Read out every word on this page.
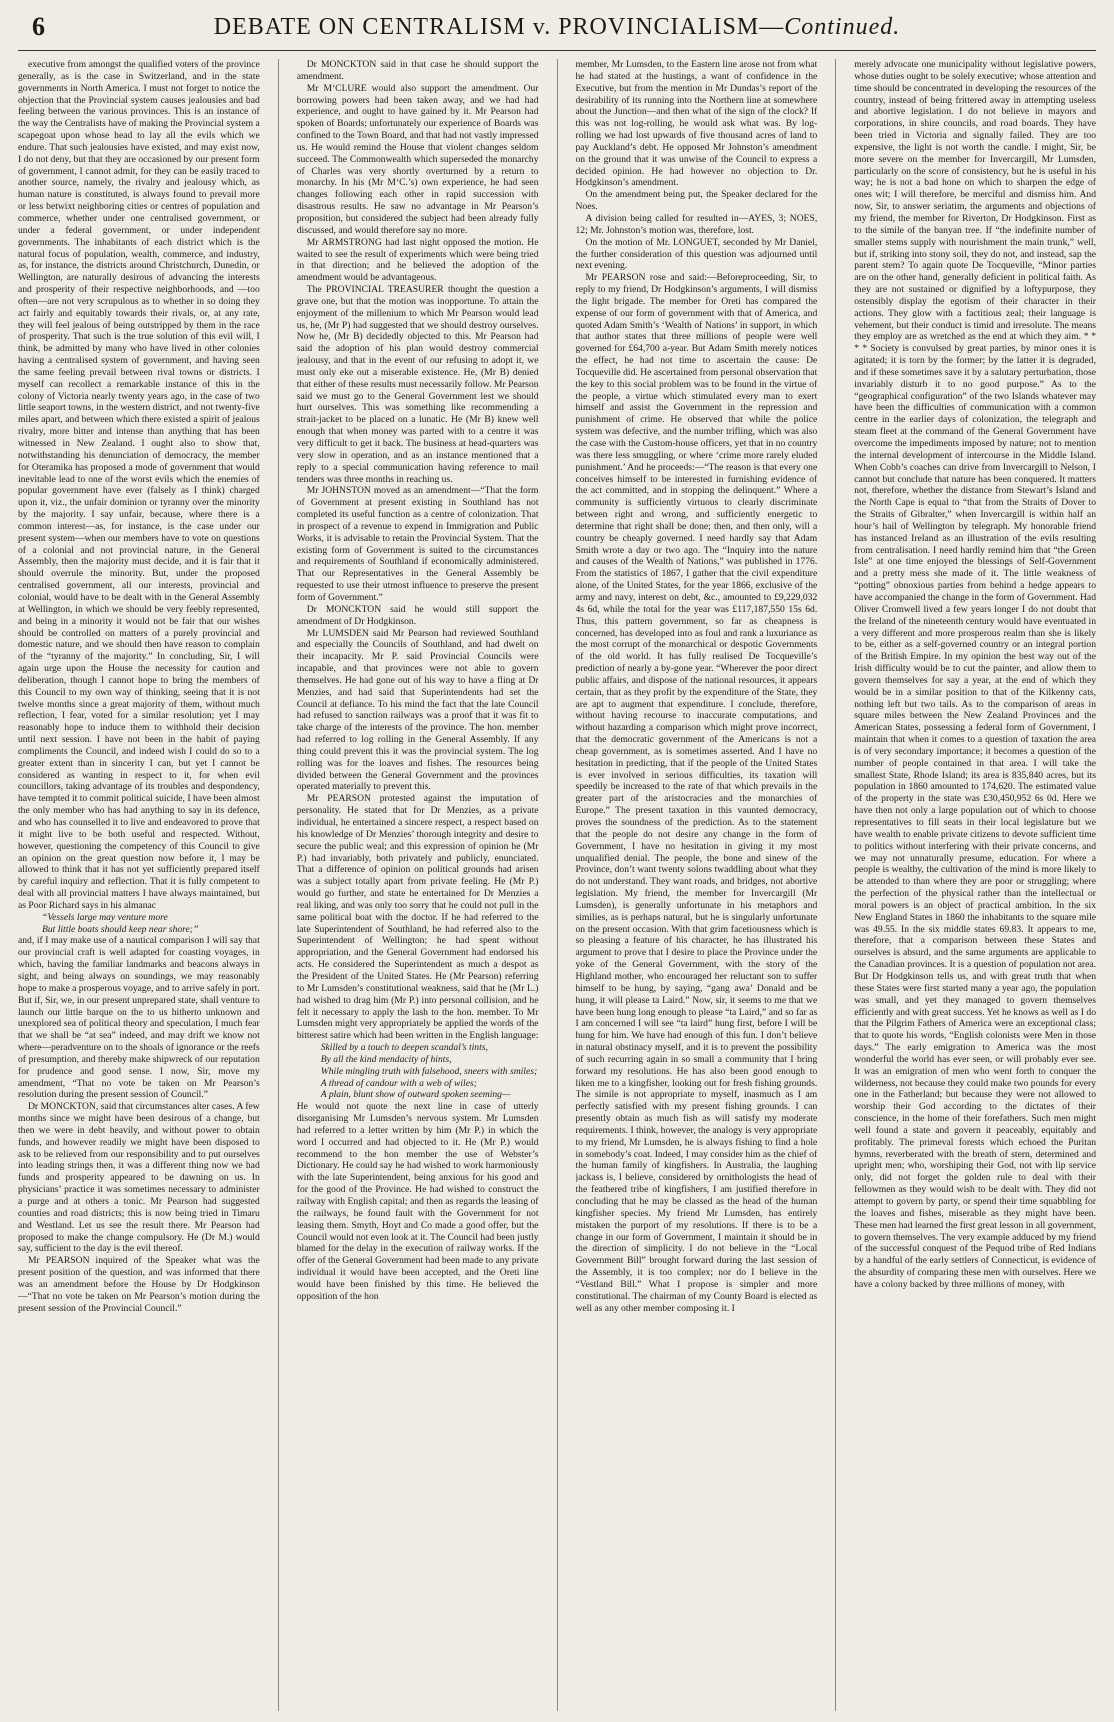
6	DEBATE ON CENTRALISM v. PROVINCIALISM—Continued.

executive from amongst the qualified voters of the province generally, as is the case in Switzerland, and in the state governments in North America. I must not forget to notice the objection that the Provincial system causes jealousies and bad feeling between the various provinces. This is an instance of the way the Centralists have of making the Provincial system a scapegoat upon whose head to lay all the evils which we endure. That such jealousies have existed, and may exist now, I do not deny, but that they are occasioned by our present form of government, I cannot admit, for they can be easily traced to another source, namely, the rivalry and jealousy which, as human nature is constituted, is always found to prevail more or less betwixt neighboring cities or centres of population and commerce, whether under one centralised government, or under a federal government, or under independent governments. The inhabitants of each district which is the natural focus of population, wealth, commerce, and industry, as, for instance, the districts around Christchurch, Dunedin, or Wellington, are naturally desirous of advancing the interests and prosperity of their respective neighborhoods, and —too often—are not very scrupulous as to whether in so doing they act fairly and equitably towards their rivals, or, at any rate, they will feel jealous of being outstripped by them in the race of prosperity. That such is the true solution of this evil will, I think, be admitted by many who have lived in other colonies having a centralised system of government, and having seen the same feeling prevail between rival towns or districts. I myself can recollect a remarkable instance of this in the colony of Victoria nearly twenty years ago, in the case of two little seaport towns, in the western district, and not twenty-five miles apart, and between which there existed a spirit of jealous rivalry, more bitter and intense than anything that has been witnessed in New Zealand. I ought also to show that, notwithstanding his denunciation of democracy, the member for Oteramika has proposed a mode of government that would inevitable lead to one of the worst evils which the enemies of popular government have ever (falsely as I think) charged upon it, viz., the unfair dominion or tyranny over the minority by the majority. I say unfair, because, where there is a common interest—as, for instance, is the case under our present system—when our members have to vote on questions of a colonial and not provincial nature, in the General Assembly, then the majority must decide, and it is fair that it should overrule the minority. But, under the proposed centralised government, all our interests, provincial and colonial, would have to be dealt with in the General Assembly at Wellington, in which we should be very feebly represented, and being in a minority it would not be fair that our wishes should be controlled on matters of a purely provincial and domestic nature, and we should then have reason to complain of the “tyranny of the majority.” In concluding, Sir, I will again urge upon the House the necessity for caution and deliberation, though I cannot hope to bring the members of this Council to my own way of thinking, seeing that it is not twelve months since a great majority of them, without much reflection, I fear, voted for a similar resolution; yet I may reasonably hope to induce them to withhold their decision until next session. I have not been in the habit of paying compliments the Council, and indeed wish I could do so to a greater extent than in sincerity I can, but yet I cannot be considered as wanting in respect to it, for when evil councillors, taking advantage of its troubles and despondency, have tempted it to commit political suicide, I have been almost the only member who has had anything to say in its defence, and who has counselled it to live and endeavored to prove that it might live to be both useful and respected. Without, however, questioning the competency of this Council to give an opinion on the great question now before it, I may be allowed to think that it has not yet sufficiently prepared itself by careful inquiry and reflection. That it is fully competent to deal with all provincial matters I have always maintained, but as Poor Richard says in his almanac

“Vessels large may venture more

But little boats should keep near shore;”

and, if I may make use of a nautical comparison I will say that our provincial craft is well adapted for coasting voyages, in which, having the familiar landmarks and beacons always in sight, and being always on soundings, we may reasonably hope to make a prosperous voyage, and to arrive safely in port. But if, Sir, we, in our present unprepared state, shall venture to launch our little barque on the to us hitherto unknown and unexplored sea of political theory and speculation, I much fear that we shall be “at sea” indeed, and may drift we know not where—peradventure on to the shoals of ignorance or the reefs of presumption, and thereby make shipwreck of our reputation for prudence and good sense. I now, Sir, move my amendment, “That no vote be taken on Mr Pearson’s resolution during the present session of Council.”

Dr MONCKTON, said that circumstances alter cases. A few months since we might have been desirous of a change, but then we were in debt heavily, and without power to obtain funds, and however readily we might have been disposed to ask to be relieved from our responsibility and to put ourselves into leading strings then, it was a different thing now we had funds and prosperity appeared to be dawning on us. In physicians’ practice it was sometimes necessary to administer a purge and at others a tonic. Mr Pearson had suggested counties and road districts; this is now being tried in Timaru and Westland. Let us see the result there. Mr Pearson had proposed to make the change compulsory. He (Dr M.) would say, sufficient to the day is the evil thereof.

Mr PEARSON inquired of the Speaker what was the present position of the question, and was informed that there was an amendment before the House by Dr Hodgkinson—“That no vote be taken on Mr Pearson’s motion during the present session of the Provincial Council.”

Dr MONCKTON said in that case he should support the amendment.

Mr M‘CLURE would also support the amendment. Our borrowing powers had been taken away, and we had had experience, and ought to have gained by it. Mr Pearson had spoken of Boards; unfortunately our experience of Boards was confined to the Town Board, and that had not vastly impressed us. He would remind the House that violent changes seldom succeed. The Commonwealth which superseded the monarchy of Charles was very shortly overturned by a return to monarchy. In his (Mr M‘C.’s) own experience, he had seen changes following each other in rapid succession with disastrous results. He saw no advantage in Mr Pearson’s proposition, but considered the subject had been already fully discussed, and would therefore say no more.

Mr ARMSTRONG had last night opposed the motion. He waited to see the result of experiments which were being tried in that direction; and he believed the adoption of the amendment would be advantageous.

The PROVINCIAL TREASURER thought the question a grave one, but that the motion was inopportune. To attain the enjoyment of the millenium to which Mr Pearson would lead us, he, (Mr P) had suggested that we should destroy ourselves. Now he, (Mr B) decidedly objected to this. Mr Pearson had said the adoption of his plan would destroy commercial jealousy, and that in the event of our refusing to adopt it, we must only eke out a miserable existence. He, (Mr B) denied that either of these results must necessarily follow. Mr Pearson said we must go to the General Government lest we should hurt ourselves. This was something like recommending a strait-jacket to be placed on a lunatic. He (Mr B) knew well enough that when money was parted with to a centre it was very difficult to get it back. The business at head-quarters was very slow in operation, and as an instance mentioned that a reply to a special communication having reference to mail tenders was three months in reaching us.

Mr JOHNSTON moved as an amendment—“That the form of Government at present existing in Southland has not completed its useful function as a centre of colonization. That in prospect of a revenue to expend in Immigration and Public Works, it is advisable to retain the Provincial System. That the existing form of Government is suited to the circumstances and requirements of Southland if economically administered. That our Representatives in the General Assembly be requested to use their utmost influence to preserve the present form of Government.”

Dr MONCKTON said he would still support the amendment of Dr Hodgkinson.

Mr LUMSDEN said Mr Pearson had reviewed Southland and especially the Councils of Southland, and had dwelt on their incapacity. Mr P. said Provincial Councils were incapable, and that provinces were not able to govern themselves. He had gone out of his way to have a fling at Dr Menzies, and had said that Superintendents had set the Council at defiance. To his mind the fact that the late Council had refused to sanction railways was a proof that it was fit to take charge of the interests of the province. The hon. member had referred to log rolling in the General Assembly. If any thing could prevent this it was the provincial system. The log rolling was for the loaves and fishes. The resources being divided between the General Government and the provinces operated materially to prevent this.

Mr PEARSON protested against the imputation of personality. He stated that for Dr Menzies, as a private individual, he entertained a sincere respect, a respect based on his knowledge of Dr Menzies’ thorough integrity and desire to secure the public weal; and this expression of opinion he (Mr P.) had invariably, both privately and publicly, enunciated. That a difference of opinion on political grounds had arisen was a subject totally apart from private feeling. He (Mr P.) would go further, and state he entertained for Dr Menzies a real liking, and was only too sorry that he could not pull in the same political boat with the doctor. If he had referred to the late Superintendent of Southland, he had referred also to the Superintendent of Wellington; he had spent without appropriation, and the General Government had endorsed his acts. He considered the Superintendent as much a despot as the President of the United States. He (Mr Pearson) referring to Mr Lumsden’s constitutional weakness, said that he (Mr L.) had wished to drag him (Mr P.) into personal collision, and he felt it necessary to apply the lash to the hon. member. To Mr Lumsden might very appropriately be applied the words of the bitterest satire which had been written in the English language:

Skilled by a touch to deepen scandal’s tints,

By all the kind mendacity of hints,

While mingling truth with falsehood, sneers with smiles;

A thread of candour with a web of wiles;

A plain, blunt show of outward spoken seeming—

He would not quote the next line in case of utterly disorganising Mr Lumsden’s nervous system. Mr Lumsden had referred to a letter written by him (Mr P.) in which the word I occurred and had objected to it. He (Mr P.) would recommend to the hon member the use of Webster’s Dictionary. He could say he had wished to work harmoniously with the late Superintendent, being anxious for his good and for the good of the Province. He had wished to construct the railway with English capital; and then as regards the leasing of the railways, he found fault with the Government for not leasing them. Smyth, Hoyt and Co made a good offer, but the Council would not even look at it. The Council had been justly blamed for the delay in the execution of railway works. If the offer of the General Government had been made to any private individual it would have been accepted, and the Oreti line would have been finished by this time. He believed the opposition of the hon

member, Mr Lumsden, to the Eastern line arose not from what he had stated at the hustings, a want of confidence in the Executive, but from the mention in Mr Dundas’s report of the desirability of its running into the Northern line at somewhere about the Junction—and then what of the sign of the clock? If this was not log-rolling, he would ask what was. By log-rolling we had lost upwards of five thousand acres of land to pay Auckland’s debt. He opposed Mr Johnston’s amendment on the ground that it was unwise of the Council to express a decided opinion. He had however no objection to Dr. Hodgkinson’s amendment.

On the amendment being put, the Speaker declared for the Noes.

A division being called for resulted in—AYES, 3; NOES, 12; Mr. Johnston’s motion was, therefore, lost.

On the motion of Mr. LONGUET, seconded by Mr Daniel, the further consideration of this question was adjourned until next evening.

Mr PEARSON rose and said:—Beforeproceeding, Sir, to reply to my friend, Dr Hodgkinson’s arguments, I will dismiss the light brigade. The member for Oreti has compared the expense of our form of government with that of America, and quoted Adam Smith’s ‘Wealth of Nations’ in support, in which that author states that three millions of people were well governed for £64,700 a-year. But Adam Smith merely notices the effect, he had not time to ascertain the cause: De Tocqueville did. He ascertained from personal observation that the key to this social problem was to be found in the virtue of the people, a virtue which stimulated every man to exert himself and assist the Government in the repression and punishment of crime. He observed that while the police system was defective, and the number trifling, which was also the case with the Custom-house officers, yet that in no country was there less smuggling, or where ‘crime more rarely eluded punishment.’ And he proceeds:—“The reason is that every one conceives himself to be interested in furnishing evidence of the act committed, and in stopping the delinquent.” Where a community is sufficiently virtuous to clearly discriminate between right and wrong, and sufficiently energetic to determine that right shall be done; then, and then only, will a country be cheaply governed. I need hardly say that Adam Smith wrote a day or two ago. The “Inquiry into the nature and causes of the Wealth of Nations,” was published in 1776. From the statistics of 1867, I gather that the civil expenditure alone, of the United States, for the year 1866, exclusive of the army and navy, interest on debt, &c., amounted to £9,229,032 4s 6d, while the total for the year was £117,187,550 15s 6d. Thus, this pattern government, so far as cheapness is concerned, has developed into as foul and rank a luxuriance as the most corrupt of the monarchical or despotic Governments of the old world. It has fully realised De Tocqueville’s prediction of nearly a by-gone year. “Wherever the poor direct public affairs, and dispose of the national resources, it appears certain, that as they profit by the expenditure of the State, they are apt to augment that expenditure. I conclude, therefore, without having recourse to inaccurate computations, and without hazarding a comparison which might prove incorrect, that the democratic government of the Americans is not a cheap government, as is sometimes asserted. And I have no hesitation in predicting, that if the people of the United States is ever involved in serious difficulties, its taxation will speedily be increased to the rate of that which prevails in the greater part of the aristocracies and the monarchies of Europe.” The present taxation in this vaunted democracy, proves the soundness of the prediction. As to the statement that the people do not desire any change in the form of Government, I have no hesitation in giving it my most unqualified denial. The people, the bone and sinew of the Province, don’t want twenty solons twaddling about what they do not understand. They want roads, and bridges, not abortive legislation. My friend, the member for Invercargill (Mr Lumsden), is generally unfortunate in his metaphors and similies, as is perhaps natural, but he is singularly unfortunate on the present occasion. With that grim facetiousness which is so pleasing a feature of his character, he has illustrated his argument to prove that I desire to place the Province under the yoke of the General Government, with the story of the Highland mother, who encouraged her reluctant son to suffer himself to be hung, by saying, “gang awa’ Donald and be hung, it will please ta Laird.” Now, sir, it seems to me that we have been hung long enough to please “ta Laird,” and so far as I am concerned I will see “ta laird” hung first, before I will be hung for him. We have had enough of this fun. I don’t believe in natural obstinacy myself, and it is to prevent the possibility of such recurring again in so small a community that I bring forward my resolutions. He has also been good enough to liken me to a kingfisher, looking out for fresh fishing grounds. The simile is not appropriate to myself, inasmuch as I am perfectly satisfied with my present fishing grounds. I can presently obtain as much fish as will satisfy my moderate requirements. I think, however, the analogy is very appropriate to my friend, Mr Lumsden, he is always fishing to find a hole in somebody’s coat. Indeed, I may consider him as the chief of the human family of kingfishers. In Australia, the laughing jackass is, I believe, considered by ornithologists the head of the feathered tribe of kingfishers, I am justified therefore in concluding that he may be classed as the head of the human kingfisher species. My friend Mr Lumsden, has entirely mistaken the purport of my resolutions. If there is to be a change in our form of Government, I maintain it should be in the direction of simplicity. I do not believe in the “Local Government Bill” brought forward during the last session of the Assembly, it is too complex; nor do I believe in the “Vestland Bill.” What I propose is simpler and more constitutional. The chairman of my County Board is elected as well as any other member composing it. I

merely advocate one municipality without legislative powers, whose duties ought to be solely executive; whose attention and time should be concentrated in developing the resources of the country, instead of being frittered away in attempting useless and abortive legislation. I do not believe in mayors and corporations, in shire councils, and road boards. They have been tried in Victoria and signally failed. They are too expensive, the light is not worth the candle. I might, Sir, be more severe on the member for Invercargill, Mr Lumsden, particularly on the score of consistency, but he is useful in his way; he is not a bad hone on which to sharpen the edge of ones wit; I will therefore, be merciful and dismiss him. And now, Sir, to answer seriatim, the arguments and objections of my friend, the member for Riverton, Dr Hodgkinson. First as to the simile of the banyan tree. If “the indefinite number of smaller stems supply with nourishment the main trunk,” well, but if, striking into stony soil, they do not, and instead, sap the parent stem? To again quote De Tocqueville, “Minor parties are on the other hand, generally deficient in political faith. As they are not sustained or dignified by a loftypurpose, they ostensibly display the egotism of their character in their actions. They glow with a factitious zeal; their language is vehement, but their conduct is timid and irresolute. The means they employ are as wretched as the end at which they aim. * * * * Society is convulsed by great parties, by minor ones it is agitated; it is torn by the former; by the latter it is degraded, and if these sometimes save it by a salutary perturbation, those invariably disturb it to no good purpose.” As to the “geographical configuration” of the two Islands whatever may have been the difficulties of communication with a common centre in the earlier days of colonization, the telegraph and steam fleet at the command of the General Government have overcome the impediments imposed by nature; not to mention the internal development of intercourse in the Middle Island. When Cobb’s coaches can drive from Invercargill to Nelson, I cannot but conclude that nature has been conquered. It matters not, therefore, whether the distance from Stewart’s Island and the North Cape is equal to “that from the Straits of Dover to the Straits of Gibralter,” when Invercargill is within half an hour’s hail of Wellington by telegraph. My honorable friend has instanced Ireland as an illustration of the evils resulting from centralisation. I need hardly remind him that “the Green Isle” at one time enjoyed the blessings of Self-Government and a pretty mess she made of it. The little weakness of “potting” obnoxious parties from behind a hedge appears to have accompanied the change in the form of Government. Had Oliver Cromwell lived a few years longer I do not doubt that the Ireland of the nineteenth century would have eventuated in a very different and more prosperous realm than she is likely to be, either as a self-governed country or an integral portion of the British Empire. In my opinion the best way out of the Irish difficulty would be to cut the painter, and allow them to govern themselves for say a year, at the end of which they would be in a similar position to that of the Kilkenny cats, nothing left but two tails. As to the comparison of areas in square miles between the New Zealand Provinces and the American States, possessing a federal form of Government, I maintain that when it comes to a question of taxation the area is of very secondary importance; it becomes a question of the number of people contained in that area. I will take the smallest State, Rhode Island; its area is 835,840 acres, but its population in 1860 amounted to 174,620. The estimated value of the property in the state was £30,450,952 6s 0d. Here we have then not only a large population out of which to choose representatives to fill seats in their local legislature but we have wealth to enable private citizens to devote sufficient time to politics without interfering with their private concerns, and we may not unnaturally presume, education. For where a people is wealthy, the cultivation of the mind is more likely to be attended to than where they are poor or struggling; where the perfection of the physical rather than the intellectual or moral powers is an object of practical ambition. In the six New England States in 1860 the inhabitants to the square mile was 49.55. In the six middle states 69.83. It appears to me, therefore, that a comparison between these States and ourselves is absurd, and the same arguments are applicable to the Canadian provinces. It is a question of population not area. But Dr Hodgkinson tells us, and with great truth that when these States were first started many a year ago, the population was small, and yet they managed to govern themselves efficiently and with great success. Yet he knows as well as I do that the Pilgrim Fathers of America were an exceptional class; that to quote his words, “English colonists were Men in those days.” The early emigration to America was the most wonderful the world has ever seen, or will probably ever see. It was an emigration of men who went forth to conquer the wilderness, not because they could make two pounds for every one in the Fatherland; but because they were not allowed to worship their God according to the dictates of their conscience, in the home of their forefathers. Such men might well found a state and govern it peaceably, equitably and profitably. The primeval forests which echoed the Puritan hymns, reverberated with the breath of stern, determined and upright men; who, worshiping their God, not with lip service only, did not forget the golden rule to deal with their fellowmen as they would wish to be dealt with. They did not attempt to govern by party, or spend their time squabbling for the loaves and fishes, miserable as they might have been. These men had learned the first great lesson in all government, to govern themselves. The very example adduced by my friend of the successful conquest of the Pequod tribe of Red Indians by a handful of the early settlers of Connecticut, is evidence of the absurdity of comparing these men with ourselves. Here we have a colony backed by three millions of money, with
